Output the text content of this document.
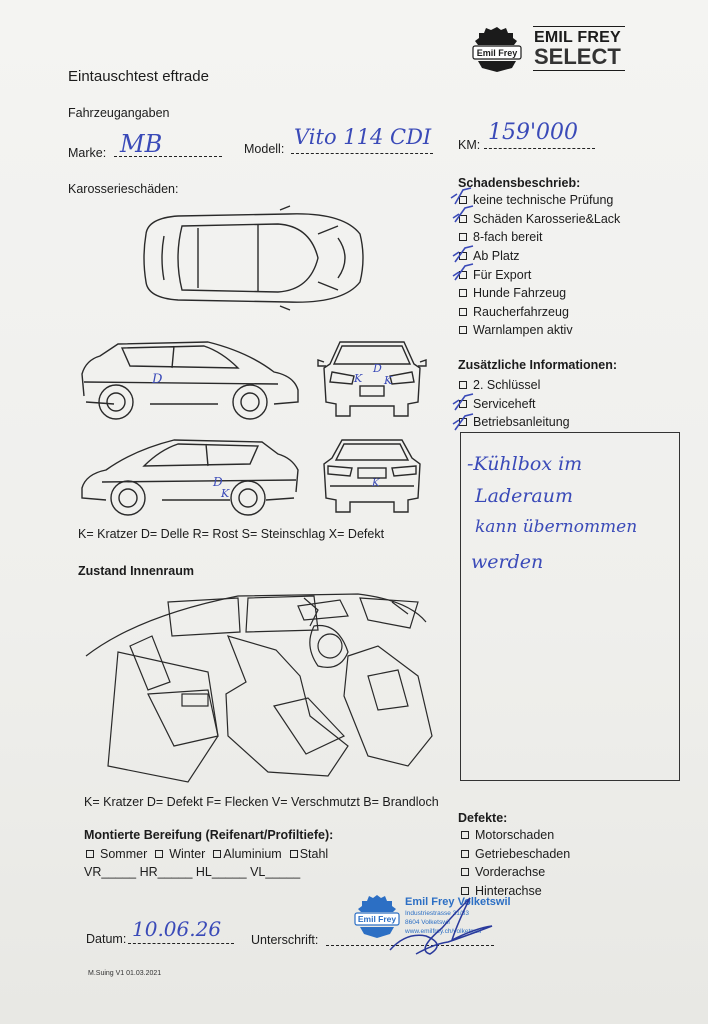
Emil Frey
EMIL FREY
SELECT
Eintauschtest eftrade
Fahrzeugangaben
Marke: MB	Modell: Vito 114 CDI KM: 159'000
Karosserieschäden:
D	K
D
K
D
K
K
K= Kratzer D= Delle R= Rost S= Steinschlag X= Defekt
Zustand Innenraum
K= Kratzer D= Defekt F= Flecken V= Verschmutzt B= Brandloch
Montierte Bereifung (Reifenart/Profiltiefe):
Sommer Winter Aluminium Stahl
VR_____ HR_____ HL_____ VL_____
Datum: 10.06.26 Unterschrift:
Emil Frey
Emil Frey Volketswil
Industriestrasse 31/33
8604 Volketswil
www.emilfrey.ch/volketswil
M.Suing V1 01.03.2021
Schadensbeschrieb:
keine technische Prüfung
Schäden Karosserie&Lack
8-fach bereit
Ab Platz
Für Export
Hunde Fahrzeug
Raucherfahrzeug
Warnlampen aktiv
Zusätzliche Informationen:
2. Schlüssel
Serviceheft
Betriebsanleitung
-Kühlbox im
Laderaum
kann übernommen
werden
Defekte:
Motorschaden
Getriebeschaden
Vorderachse
Hinterachse
